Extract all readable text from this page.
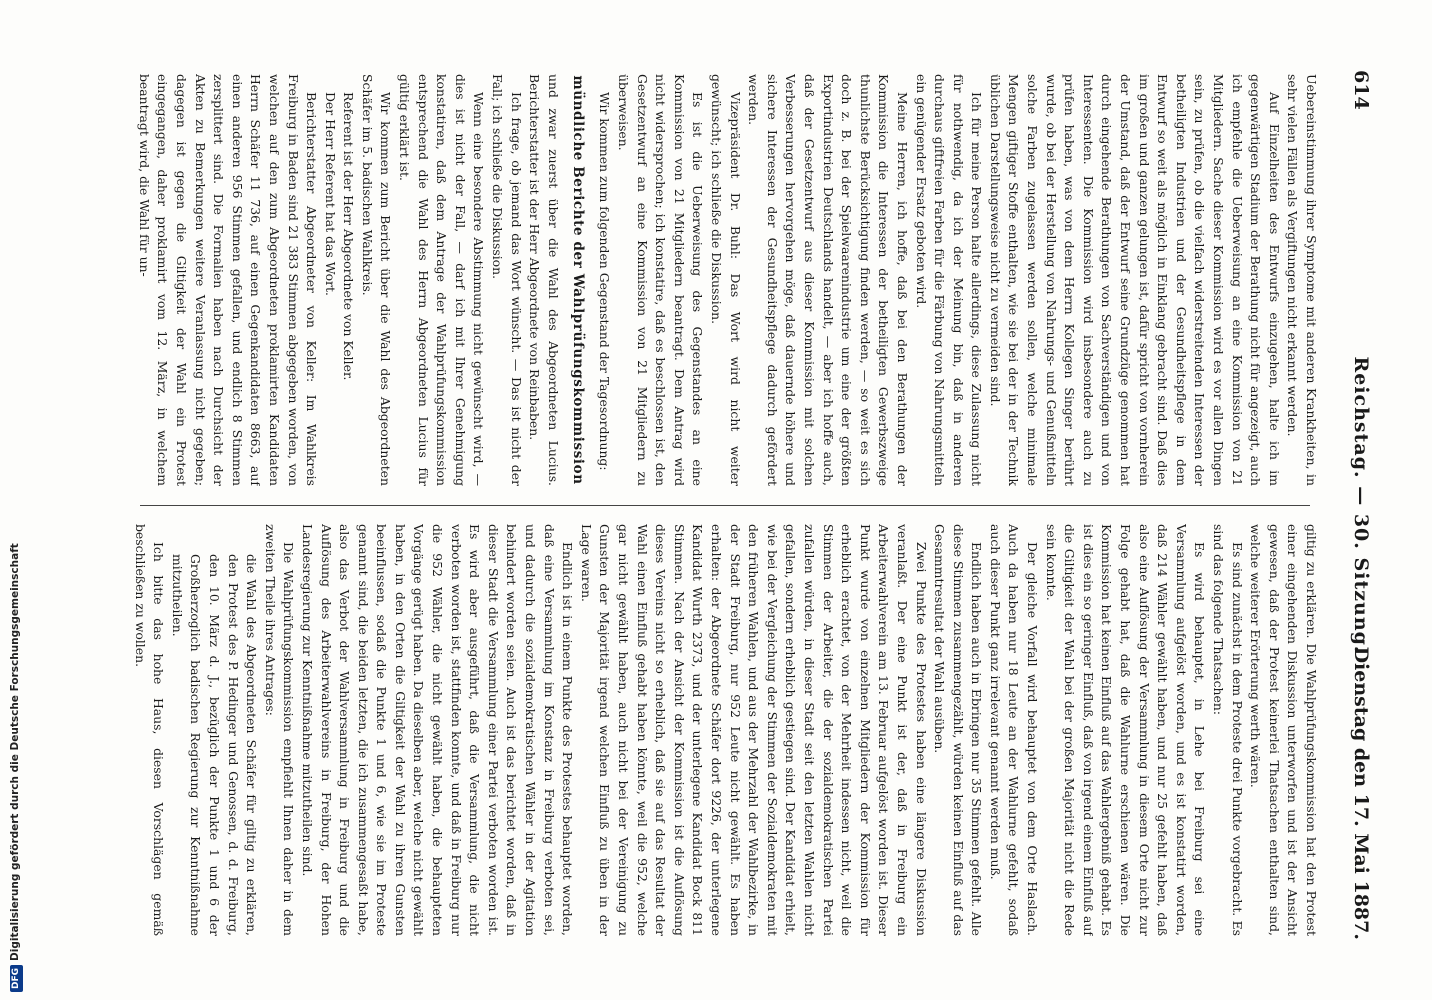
DFGDigitalisierung gefördert durch die Deutsche Forschungsgemeinschaft
614
Reichstag. — 30. Sitzung.
Dienstag den 17. Mai 1887.

Uebereinstimmung ihrer Symptome mit anderen Krankheiten, in sehr vielen Fällen als Vergiftungen nicht erkannt werden.

Auf Einzelheiten des Entwurfs einzugehen, halte ich im gegenwärtigen Stadium der Berathung nicht für angezeigt, auch ich empfehle die Ueberweisung an eine Kommission von 21 Mitgliedern. Sache dieser Kommission wird es vor allen Dingen sein, zu prüfen, ob die vielfach widerstreitenden Interessen der betheiligten Industrien und der Gesundheitspflege in dem Entwurf so weit als möglich in Einklang gebracht sind. Daß dies im großen und ganzen gelungen ist, dafür spricht von vornherein der Umstand, daß der Entwurf seine Grundzüge genommen hat durch eingehende Berathungen von Sachverständigen und von Interessenten. Die Kommission wird insbesondere auch zu prüfen haben, was von dem Herrn Kollegen Singer berührt wurde, ob bei der Herstellung von Nahrungs- und Genußmitteln solche Farben zugelassen werden sollen, welche minimale Mengen giftiger Stoffe enthalten, wie sie bei der in der Technik üblichen Darstellungsweise nicht zu vermeiden sind.

Ich für meine Person halte allerdings, diese Zulassung nicht für nothwendig, da ich der Meinung bin, daß in anderen durchaus giftfreien Farben für die Färbung von Nahrungsmitteln ein genügender Ersatz geboten wird.

Meine Herren, ich hoffe, daß bei den Berathungen der Kommission die Interessen der betheiligten Gewerbszweige thunlichste Berücksichtigung finden werden, — so weit es sich doch z. B. bei der Spielwaarenindustrie um eine der größten Exportindustrien Deutschlands handelt, — aber ich hoffe auch, daß der Gesetzentwurf aus dieser Kommission mit solchen Verbesserungen hervorgehen möge, daß dauernde höhere und sichere Interessen der Gesundheitspflege dadurch gefördert werden.

Vizepräsident Dr. Buhl: Das Wort wird nicht weiter gewünscht; ich schließe die Diskussion.

Es ist die Ueberweisung des Gegenstandes an eine Kommission von 21 Mitgliedern beantragt. Dem Antrag wird nicht widersprochen; ich konstatire, daß es beschlossen ist, den Gesetzentwurf an eine Kommission von 21 Mitgliedern zu überweisen.

Wir kommen zum folgenden Gegenstand der Tagesordnung:

mündliche Berichte der Wahlprüfungskommission

und zwar zuerst über die Wahl des Abgeordneten Lucius. Berichterstatter ist der Herr Abgeordnete von Reinbaben.

Ich frage, ob jemand das Wort wünscht. — Das ist nicht der Fall; ich schließe die Diskussion.

Wenn eine besondere Abstimmung nicht gewünscht wird, — dies ist nicht der Fall, — darf ich mit Ihrer Genehmigung konstatiren, daß dem Antrage der Wahlprüfungskommission entsprechend die Wahl des Herrn Abgeordneten Lucius für gültig erklärt ist.

Wir kommen zum Bericht über die Wahl des Abgeordneten Schäfer im 5. badischen Wahlkreis.

Referent ist der Herr Abgeordnete von Keller.

Der Herr Referent hat das Wort.

Berichterstatter Abgeordneter von Keller: Im Wahlkreis Freiburg in Baden sind 21 383 Stimmen abgegeben worden, von welchen auf den zum Abgeordneten proklamirten Kandidaten Herrn Schäfer 11 736, auf einen Gegenkandidaten 8663, auf einen anderen 956 Stimmen gefallen, und endlich 8 Stimmen zersplittert sind. Die Formalien haben nach Durchsicht der Akten zu Bemerkungen weitere Veranlassung nicht gegeben; dagegen ist gegen die Giltigkeit der Wahl ein Protest eingegangen, daher proklamirt vom 12. März, in welchem beantragt wird, die Wahl für un-

giltig zu erklären. Die Wahlprüfungskommission hat den Protest einer eingehenden Diskussion unterworfen und ist der Ansicht gewesen, daß der Protest keinerlei Thatsachen enthalten sind, welche weiterer Erörterung werth wären.

Es sind zunächst in dem Proteste drei Punkte vorgebracht. Es sind das folgende Thatsachen:

Es wird behauptet, in Lehe bei Freiburg sei eine Versammlung aufgelöst worden, und es ist konstatirt worden, daß 214 Wähler gewählt haben, und nur 25 gefehlt haben, daß also eine Auflösung der Versammlung in diesem Orte nicht zur Folge gehabt hat, daß die Wahlurne erschienen wären. Die Kommission hat keinen Einfluß auf das Wahlergebniß gehabt. Es ist dies ein so geringer Einfluß, daß von irgend einem Einfluß auf die Giltigkeit der Wahl bei der großen Majorität nicht die Rede sein konnte.

Der gleiche Vorfall wird behauptet von dem Orte Haslach. Auch da haben nur 18 Leute an der Wahlurne gefehlt, sodaß auch dieser Punkt ganz irrelevant genannt werden muß.

Endlich haben auch in Ebringen nur 35 Stimmen gefehlt. Alle diese Stimmen zusammengezählt, würden keinen Einfluß auf das Gesammtresultat der Wahl ausüben.

Zwei Punkte des Protestes haben eine längere Diskussion veranlaßt. Der eine Punkt ist der, daß in Freiburg ein Arbeiterwahlverein am 13. Februar aufgelöst worden ist. Dieser Punkt wurde von einzelnen Mitgliedern der Kommission für erheblich erachtet, von der Mehrheit indessen nicht, weil die Stimmen der Arbeiter, die der sozialdemokratischen Partei zufallen würden, in dieser Stadt seit den letzten Wahlen nicht gefallen, sondern erheblich gestiegen sind. Der Kandidat erhielt, wie bei der Vergleichung der Stimmen der Sozialdemokraten mit den früheren Wahlen, und aus der Mehrzahl der Wahlbezirke, in der Stadt Freiburg, nur 952 Leute nicht gewählt. Es haben erhalten: der Abgeordnete Schäfer dort 9226, der unterlegene Kandidat Wurth 2373, und der unterlegene Kandidat Bock 811 Stimmen. Nach der Ansicht der Kommission ist die Auflösung dieses Vereins nicht so erheblich, daß sie auf das Resultat der Wahl einen Einfluß gehabt haben könnte, weil die 952, welche gar nicht gewählt haben, auch nicht bei der Vereinigung zu Gunsten der Majorität irgend welchen Einfluß zu üben in der Lage waren.

Endlich ist in einem Punkte des Protestes behauptet worden, daß eine Versammlung im Konstanz in Freiburg verboten sei, und dadurch die sozialdemokratischen Wähler in der Agitation behindert worden seien. Auch ist das berichtet worden, daß in dieser Stadt die Versammlung einer Partei verboten worden ist. Es wird aber ausgeführt, daß die Versammlung, die nicht verboten worden ist, stattfinden konnte, und daß in Freiburg nur die 952 Wähler, die nicht gewählt haben, die behaupteten Vorgänge gerügt haben. Da dieselben aber, welche nicht gewählt haben, in den Orten die Giltigkeit der Wahl zu ihren Gunsten beeinflussen, sodaß die Punkte 1 und 6, wie sie im Proteste genannt sind, die beiden letzten, die ich zusammengesaßt habe, also das Verbot der Wahlversammlung in Freiburg und die Auflösung des Arbeiterwahlvereins in Freiburg, der Hohen Landesregierung zur Kenntnißnahme mitzutheilen sind.

Die Wahlprüfungskommission empfiehlt Ihnen daher in dem zweiten Theile ihres Antrages:

die Wahl des Abgeordneten Schäfer für giltig zu erklären, den Protest des P. Hedinger und Genossen, d. d. Freiburg, den 10. März d. J., bezüglich der Punkte 1 und 6 der Großherzoglich badischen Regierung zur Kenntnißnahme mitzutheilen.

Ich bitte das hohe Haus, diesen Vorschlägen gemäß beschließen zu wollen.
